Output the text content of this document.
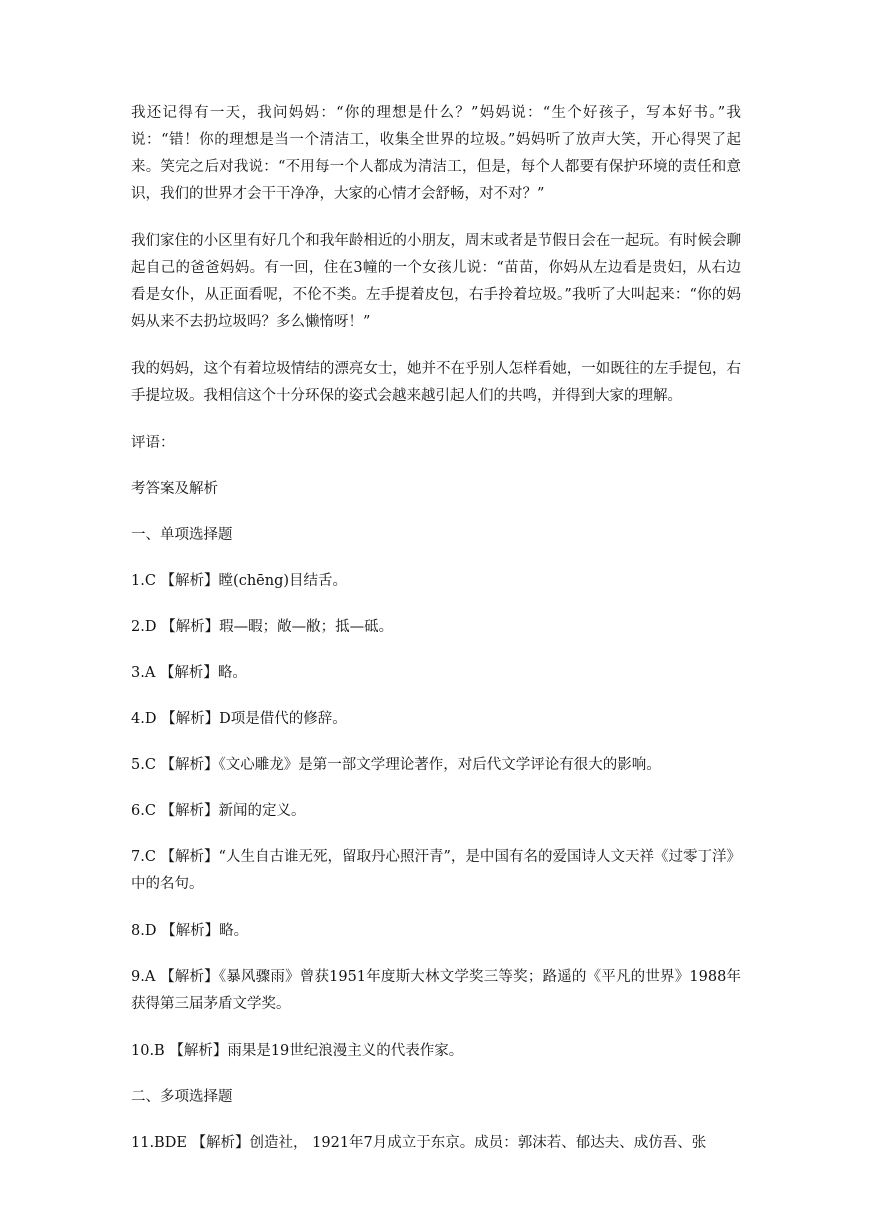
我还记得有一天，我问妈妈：“你的理想是什么？”妈妈说：“生个好孩子，写本好书。”我说：“错！你的理想是当一个清洁工，收集全世界的垃圾。”妈妈听了放声大笑，开心得哭了起来。笑完之后对我说：“不用每一个人都成为清洁工，但是，每个人都要有保护环境的责任和意识，我们的世界才会干干净净，大家的心情才会舒畅，对不对？”

我们家住的小区里有好几个和我年龄相近的小朋友，周末或者是节假日会在一起玩。有时候会聊起自己的爸爸妈妈。有一回，住在3幢的一个女孩儿说：“苗苗，你妈从左边看是贵妇，从右边看是女仆，从正面看呢，不伦不类。左手提着皮包，右手拎着垃圾。”我听了大叫起来：“你的妈妈从来不去扔垃圾吗？多么懒惰呀！”

我的妈妈，这个有着垃圾情结的漂亮女士，她并不在乎别人怎样看她，一如既往的左手提包，右手提垃圾。我相信这个十分环保的姿式会越来越引起人们的共鸣，并得到大家的理解。

评语：

考答案及解析

一、单项选择题

1.C 【解析】瞠(chēng)目结舌。

2.D 【解析】瑕—暇；敞—敝；抵—砥。

3.A 【解析】略。

4.D 【解析】D项是借代的修辞。

5.C 【解析】《文心雕龙》是第一部文学理论著作，对后代文学评论有很大的影响。

6.C 【解析】新闻的定义。

7.C 【解析】“人生自古谁无死，留取丹心照汗青”，是中国有名的爱国诗人文天祥《过零丁洋》中的名句。

8.D 【解析】略。

9.A 【解析】《暴风骤雨》曾获1951年度斯大林文学奖三等奖；路遥的《平凡的世界》1988年获得第三届茅盾文学奖。

10.B 【解析】雨果是19世纪浪漫主义的代表作家。

二、多项选择题

11.BDE 【解析】创造社， 1921年7月成立于东京。成员：郭沫若、郁达夫、成仿吾、张
